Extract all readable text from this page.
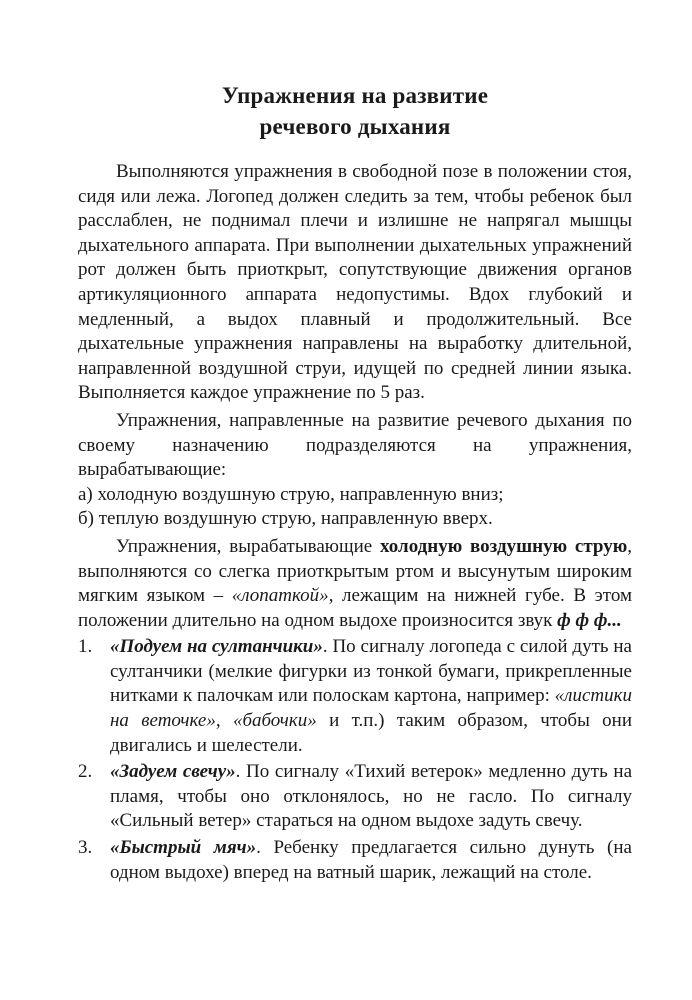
Упражнения на развитие
речевого дыхания

Выполняются упражнения в свободной позе в положении стоя, сидя или лежа. Логопед должен следить за тем, чтобы ребенок был расслаблен, не поднимал плечи и излишне не напрягал мышцы дыхательного аппарата. При выполнении дыхательных упражнений рот должен быть приоткрыт, сопутствующие движения органов артикуляционного аппарата недопустимы. Вдох глубокий и медленный, а выдох плавный и продолжительный. Все дыхательные упражнения направлены на выработку длительной, направленной воздушной струи, идущей по средней линии языка. Выполняется каждое упражнение по 5 раз.

Упражнения, направленные на развитие речевого дыхания по своему назначению подразделяются на упражнения, вырабатывающие:

а) холодную воздушную струю, направленную вниз;

б) теплую воздушную струю, направленную вверх.

Упражнения, вырабатывающие холодную воздушную струю, выполняются со слегка приоткрытым ртом и высунутым широким мягким языком – «лопаткой», лежащим на нижней губе. В этом положении длительно на одном выдохе произносится звук ф ф ф...

1. «Подуем на султанчики». По сигналу логопеда с силой дуть на султанчики (мелкие фигурки из тонкой бумаги, прикрепленные нитками к палочкам или полоскам картона, например: «листики на веточке», «бабочки» и т.п.) таким образом, чтобы они двигались и шелестели.
2. «Задуем свечу». По сигналу «Тихий ветерок» медленно дуть на пламя, чтобы оно отклонялось, но не гасло. По сигналу «Сильный ветер» стараться на одном выдохе задуть свечу.
3. «Быстрый мяч». Ребенку предлагается сильно дунуть (на одном выдохе) вперед на ватный шарик, лежащий на столе.
